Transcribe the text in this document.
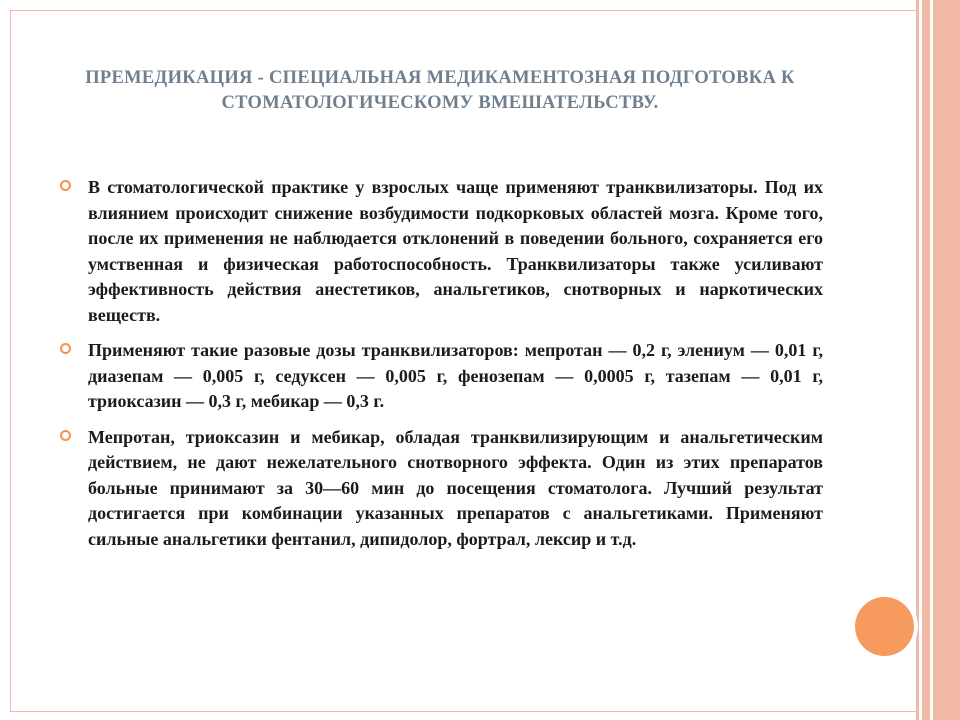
ПРЕМЕДИКАЦИЯ - СПЕЦИАЛЬНАЯ МЕДИКАМЕНТОЗНАЯ ПОДГОТОВКА К СТОМАТОЛОГИЧЕСКОМУ ВМЕШАТЕЛЬСТВУ.
В стоматологической практике у взрослых чаще применяют транквилизаторы. Под их влиянием происходит снижение возбудимости подкорковых областей мозга. Кроме того, после их применения не наблюдается отклонений в поведении больного, сохраняется его умственная и физическая работоспособность. Транквилизаторы также усиливают эффективность действия анестетиков, анальгетиков, снотворных и наркотических веществ.
Применяют такие разовые дозы транквилизаторов: мепротан — 0,2 г, элениум — 0,01 г, диазепам — 0,005 г, седуксен — 0,005 г, фенозепам — 0,0005 г, тазепам — 0,01 г, триоксазин — 0,3 г, мебикар — 0,3 г.
Мепротан, триоксазин и мебикар, обладая транквилизирующим и анальгетическим действием, не дают нежелательного снотворного эффекта. Один из этих препаратов больные принимают за 30—60 мин до посещения стоматолога. Лучший результат достигается при комбинации указанных препаратов с анальгетиками. Применяют сильные анальгетики фентанил, дипидолор, фортрал, лексир и т.д.
